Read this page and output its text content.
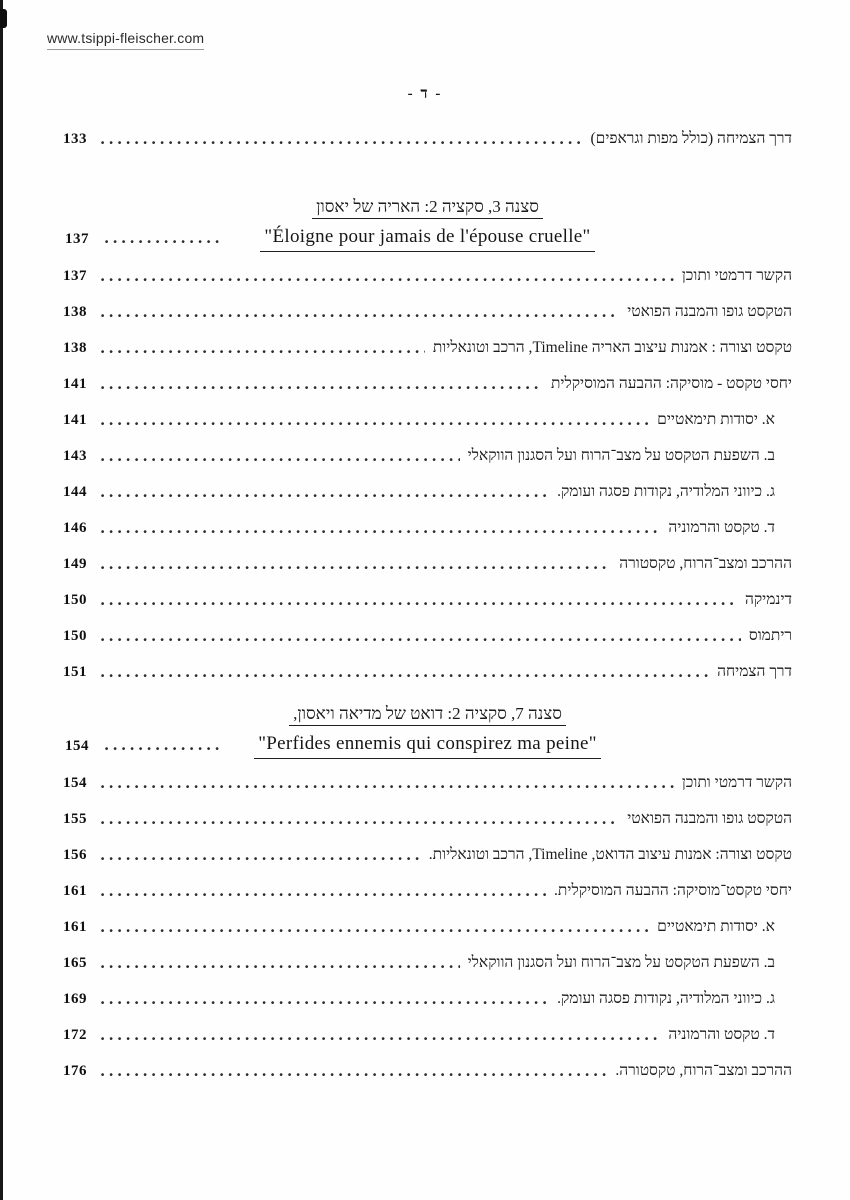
www.tsippi-fleischer.com
- ד -
דרך הצמיחה (כולל מפות וגראפים)
133
סצנה 3, סקציה 2: האריה של יאסון
137	"Éloigne pour jamais de l'épouse cruelle"
הקשר דרמטי ותוכן
137
הטקסט גופו והמבנה הפואטי
138
טקסט וצורה : אמנות עיצוב האריה Timeline, הרכב וטונאליות
138
יחסי טקסט - מוסיקה: ההבעה המוסיקלית
141
א. יסודות תימאטיים
141
ב. השפעת הטקסט על מצב־הרוח ועל הסגנון הווקאלי
143
ג. כיווני המלודיה, נקודות פסגה ועומק.
144
ד. טקסט והרמוניה
146
ההרכב ומצב־הרוח, טקסטורה
149
דינמיקה
150
ריתמוס
150
דרך הצמיחה
151
סצנה 7, סקציה 2: דואט של מדיאה ויאסון,
154	"Perfides ennemis qui conspirez ma peine"
הקשר דרמטי ותוכן
154
הטקסט גופו והמבנה הפואטי
155
טקסט וצורה: אמנות עיצוב הדואט, Timeline, הרכב וטונאליות.
156
יחסי טקסט־מוסיקה: ההבעה המוסיקלית.
161
א. יסודות תימאטיים
161
ב. השפעת הטקסט על מצב־הרוח ועל הסגנון הווקאלי
165
ג. כיווני המלודיה, נקודות פסגה ועומק.
169
ד. טקסט והרמוניה
172
ההרכב ומצב־הרוח, טקסטורה.
176
